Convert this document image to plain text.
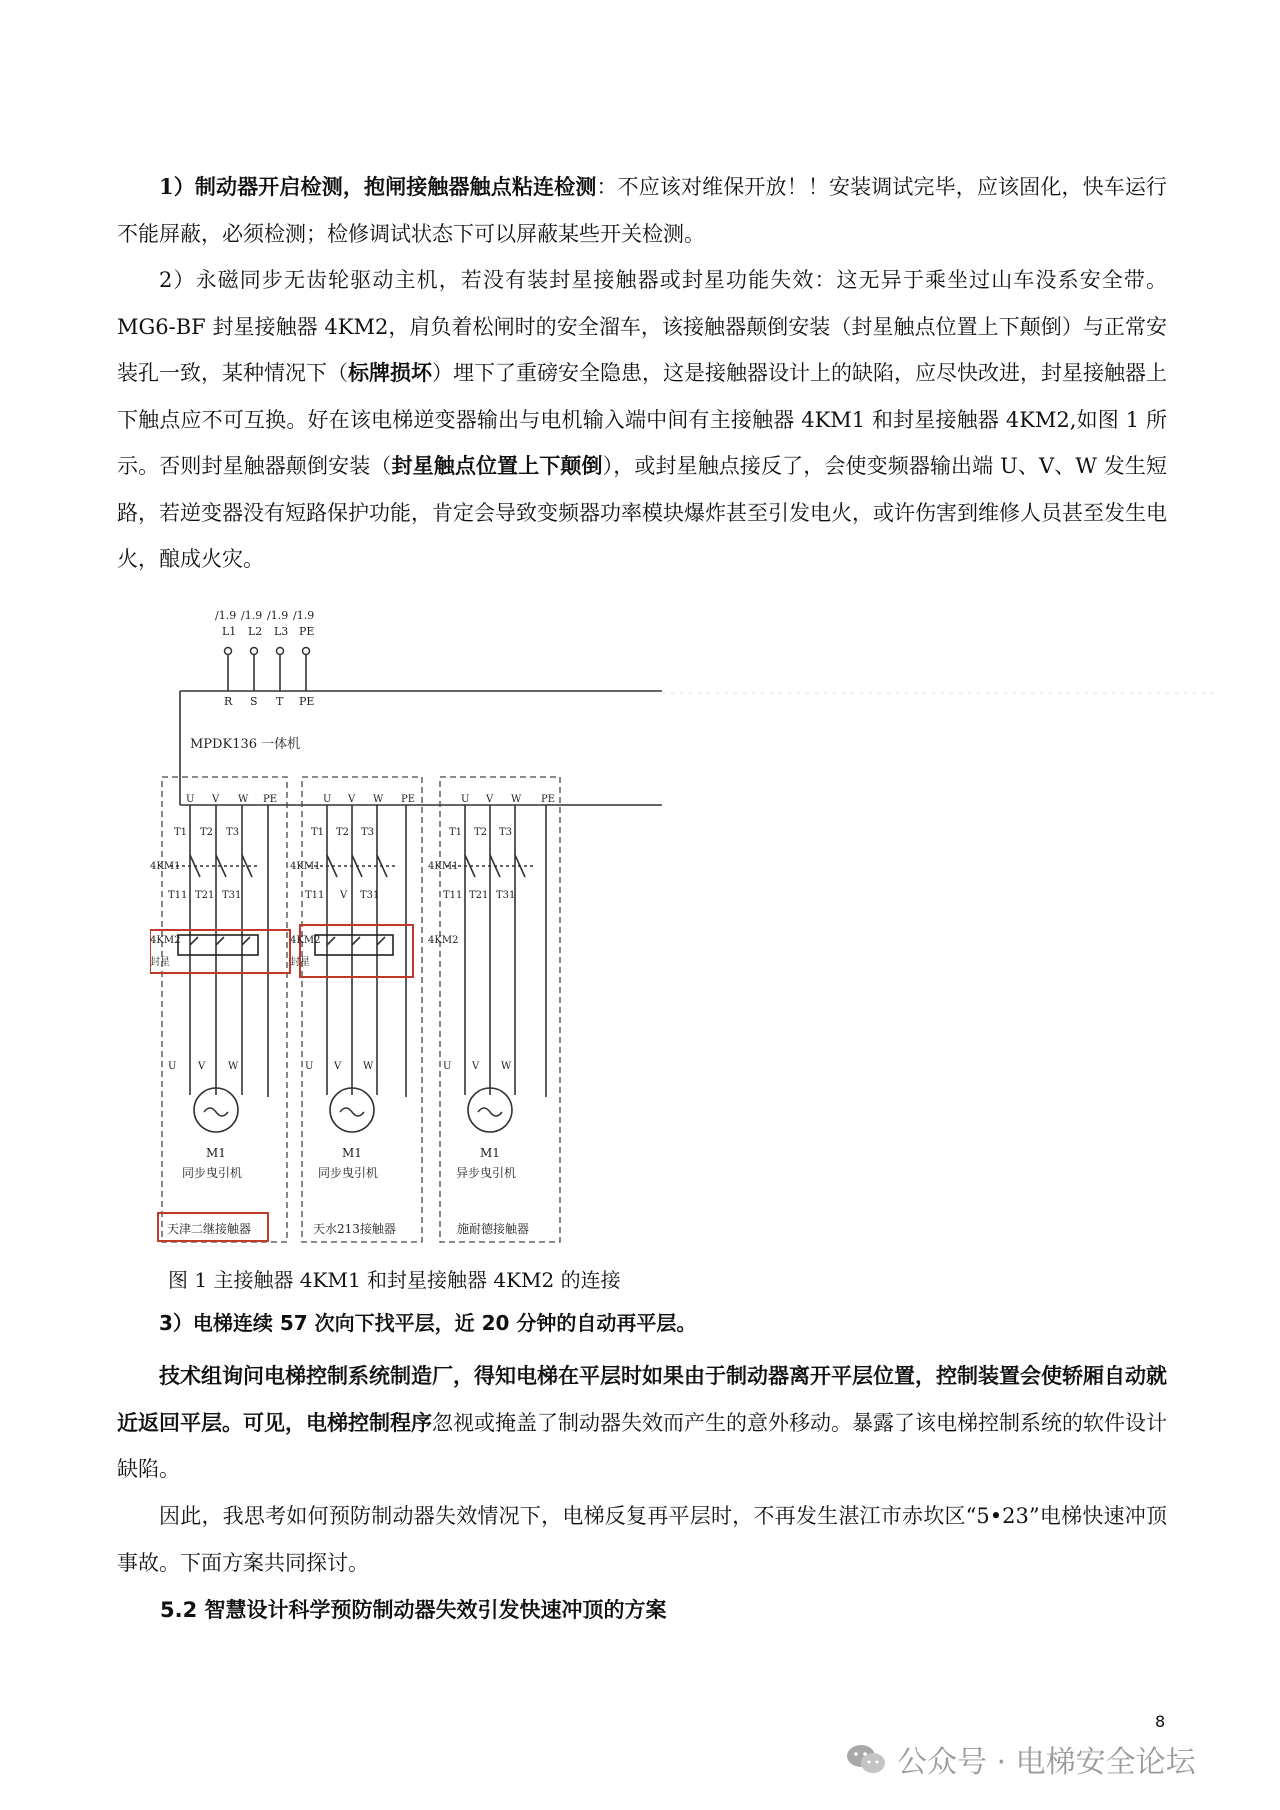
1）制动器开启检测，抱闸接触器触点粘连检测：不应该对维保开放！！安装调试完毕，应该固化，快车运行不能屏蔽，必须检测；检修调试状态下可以屏蔽某些开关检测。

2）永磁同步无齿轮驱动主机，若没有装封星接触器或封星功能失效：这无异于乘坐过山车没系安全带。MG6-BF 封星接触器 4KM2，肩负着松闸时的安全溜车，该接触器颠倒安装（封星触点位置上下颠倒）与正常安装孔一致，某种情况下（标牌损坏）埋下了重磅安全隐患，这是接触器设计上的缺陷，应尽快改进，封星接触器上下触点应不可互换。好在该电梯逆变器输出与电机输入端中间有主接触器 4KM1 和封星接触器 4KM2,如图 1 所示。否则封星触器颠倒安装（封星触点位置上下颠倒），或封星触点接反了，会使变频器输出端 U、V、W 发生短路，若逆变器没有短路保护功能，肯定会导致变频器功率模块爆炸甚至引发电火，或许伤害到维修人员甚至发生电火，酿成火灾。

/1.9 /1.9 /1.9 /1.9
L1 L2 L3 PE
R S T PE
MPDK136 一体机
U V W PE
T1 T2 T3
4KM1
T11 T21 T31
4KM2
封星
U V W
M1
同步曳引机
天津二继接触器
U V W PE
T1 T2 T3
4KM1
T11 V T31
4KM2
封星
U V W
M1
同步曳引机
天水213接触器
U V W PE
T1 T2 T3
4KM1
T11 T21 T31
4KM2
U V W
M1
异步曳引机
施耐德接触器

图 1 主接触器 4KM1 和封星接触器 4KM2 的连接

3）电梯连续 57 次向下找平层，近 20 分钟的自动再平层。

技术组询问电梯控制系统制造厂，得知电梯在平层时如果由于制动器离开平层位置，控制装置会使轿厢自动就近返回平层。可见，电梯控制程序忽视或掩盖了制动器失效而产生的意外移动。暴露了该电梯控制系统的软件设计缺陷。

因此，我思考如何预防制动器失效情况下，电梯反复再平层时，不再发生湛江市赤坎区“5•23”电梯快速冲顶事故。下面方案共同探讨。

5.2 智慧设计科学预防制动器失效引发快速冲顶的方案

8
公众号 · 电梯安全论坛
